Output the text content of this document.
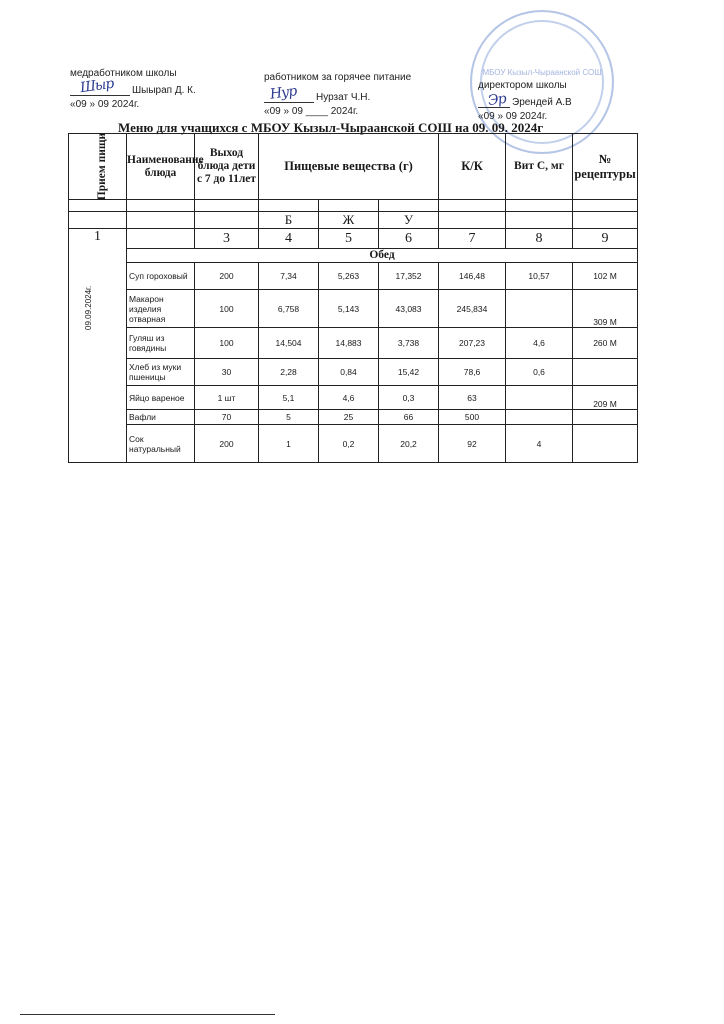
медработником школы
Шыырап Д. К.
«09 » 09 2024г.
Шыр	работником за горячее питание
Нурзат Ч.Н.
«09 » 09 ____ 2024г.
Нур
МБОУ Кызыл-Чыраанской СОШ
директором школы
Эрендей А.В
«09 » 09 2024г.
Эр
Меню для учащихся с МБОУ Кызыл-Чыраанской СОШ на 09. 09. 2024г
Прием пищи	Наименование блюда	Выход блюда дети с 7 до 11лет	Пищевые вещества (г)			К/К	Вит С, мг	№ рецептуры

			Б	Ж	У			
1		3	4	5	6	7	8	9
	Обед							
	Суп гороховый	200	7,34	5,263	17,352	146,48	10,57	102 М
	Макарон изделия отварная	100	6,758	5,143	43,083	245,834		309 М
	Гуляш из говядины	100	14,504	14,883	3,738	207,23	4,6	260 М
	Хлеб из муки пшеницы	30	2,28	0,84	15,42	78,6	0,6	
	Яйцо вареное	1 шт	5,1	4,6	0,3	63		209 М
	Вафли	70	5	25	66	500		
	Сок натуральный	200	1	0,2	20,2	92	4	
09.09.2024г.
